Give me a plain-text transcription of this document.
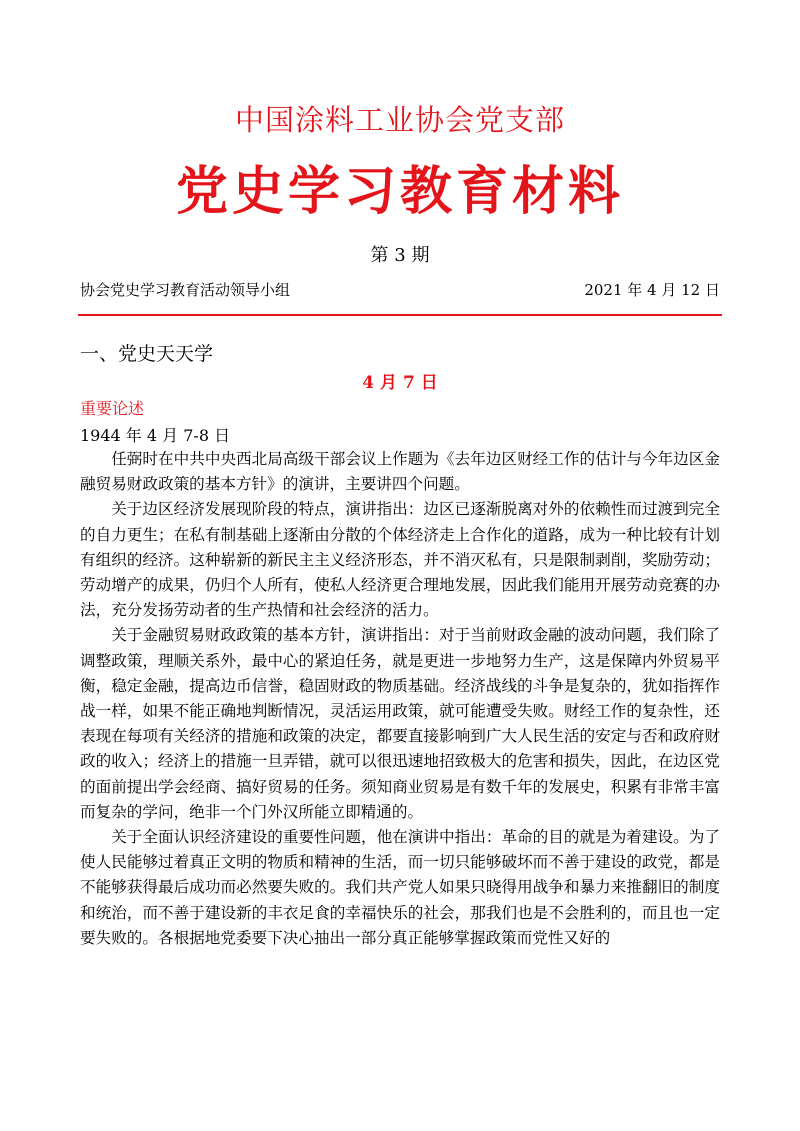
中国涂料工业协会党支部
党史学习教育材料
第 3 期
协会党史学习教育活动领导小组	2021 年 4 月 12 日
一、党史天天学
4 月 7 日
重要论述
1944 年 4 月 7-8 日

任弼时在中共中央西北局高级干部会议上作题为《去年边区财经工作的估计与今年边区金融贸易财政政策的基本方针》的演讲，主要讲四个问题。

关于边区经济发展现阶段的特点，演讲指出：边区已逐渐脱离对外的依赖性而过渡到完全的自力更生；在私有制基础上逐渐由分散的个体经济走上合作化的道路，成为一种比较有计划有组织的经济。这种崭新的新民主主义经济形态，并不消灭私有，只是限制剥削，奖励劳动；劳动增产的成果，仍归个人所有，使私人经济更合理地发展，因此我们能用开展劳动竞赛的办法，充分发扬劳动者的生产热情和社会经济的活力。

关于金融贸易财政政策的基本方针，演讲指出：对于当前财政金融的波动问题，我们除了调整政策，理顺关系外，最中心的紧迫任务，就是更进一步地努力生产，这是保障内外贸易平衡，稳定金融，提高边币信誉，稳固财政的物质基础。经济战线的斗争是复杂的，犹如指挥作战一样，如果不能正确地判断情况，灵活运用政策，就可能遭受失败。财经工作的复杂性，还表现在每项有关经济的措施和政策的决定，都要直接影响到广大人民生活的安定与否和政府财政的收入；经济上的措施一旦弄错，就可以很迅速地招致极大的危害和损失，因此，在边区党的面前提出学会经商、搞好贸易的任务。须知商业贸易是有数千年的发展史，积累有非常丰富而复杂的学问，绝非一个门外汉所能立即精通的。

关于全面认识经济建设的重要性问题，他在演讲中指出：革命的目的就是为着建设。为了使人民能够过着真正文明的物质和精神的生活，而一切只能够破坏而不善于建设的政党，都是不能够获得最后成功而必然要失败的。我们共产党人如果只晓得用战争和暴力来推翻旧的制度和统治，而不善于建设新的丰衣足食的幸福快乐的社会，那我们也是不会胜利的，而且也一定要失败的。各根据地党委要下决心抽出一部分真正能够掌握政策而党性又好的
